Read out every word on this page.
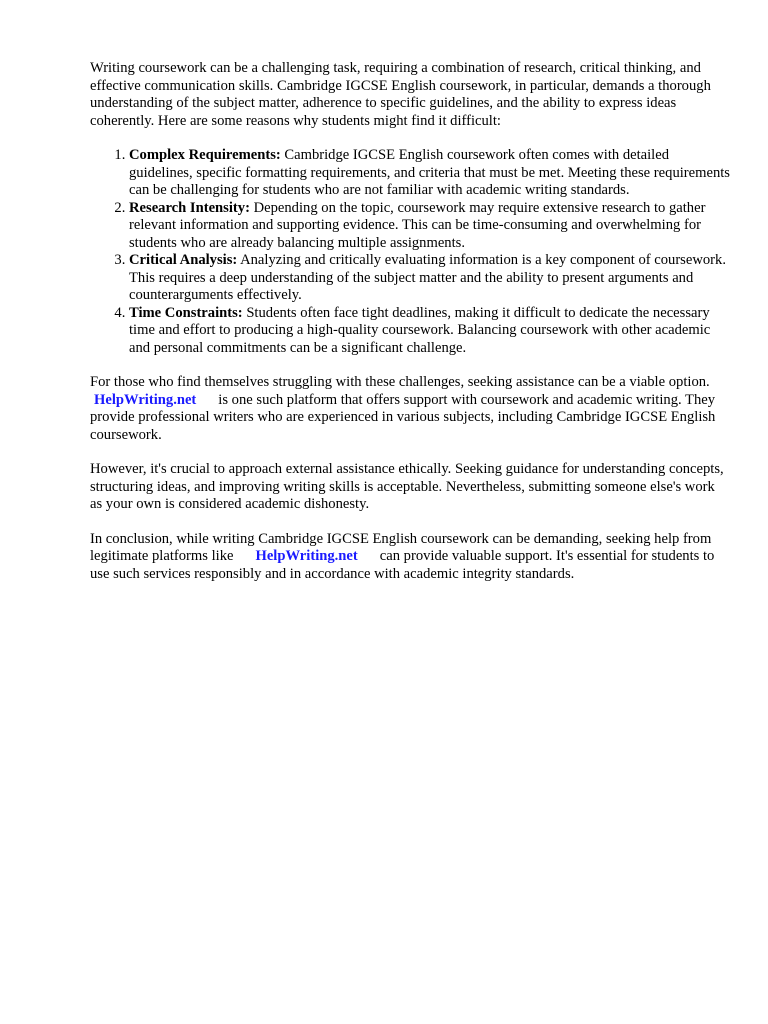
Writing coursework can be a challenging task, requiring a combination of research, critical thinking, and effective communication skills. Cambridge IGCSE English coursework, in particular, demands a thorough understanding of the subject matter, adherence to specific guidelines, and the ability to express ideas coherently. Here are some reasons why students might find it difficult:

1. Complex Requirements: Cambridge IGCSE English coursework often comes with detailed guidelines, specific formatting requirements, and criteria that must be met. Meeting these requirements can be challenging for students who are not familiar with academic writing standards.
2. Research Intensity: Depending on the topic, coursework may require extensive research to gather relevant information and supporting evidence. This can be time-consuming and overwhelming for students who are already balancing multiple assignments.
3. Critical Analysis: Analyzing and critically evaluating information is a key component of coursework. This requires a deep understanding of the subject matter and the ability to present arguments and counterarguments effectively.
4. Time Constraints: Students often face tight deadlines, making it difficult to dedicate the necessary time and effort to producing a high-quality coursework. Balancing coursework with other academic and personal commitments can be a significant challenge.

For those who find themselves struggling with these challenges, seeking assistance can be a viable option.HelpWriting.net is one such platform that offers support with coursework and academic writing. They provide professional writers who are experienced in various subjects, including Cambridge IGCSE English coursework.

However, it's crucial to approach external assistance ethically. Seeking guidance for understanding concepts, structuring ideas, and improving writing skills is acceptable. Nevertheless, submitting someone else's work as your own is considered academic dishonesty.

In conclusion, while writing Cambridge IGCSE English coursework can be demanding, seeking help from legitimate platforms like HelpWriting.net can provide valuable support. It's essential for students to use such services responsibly and in accordance with academic integrity standards.
